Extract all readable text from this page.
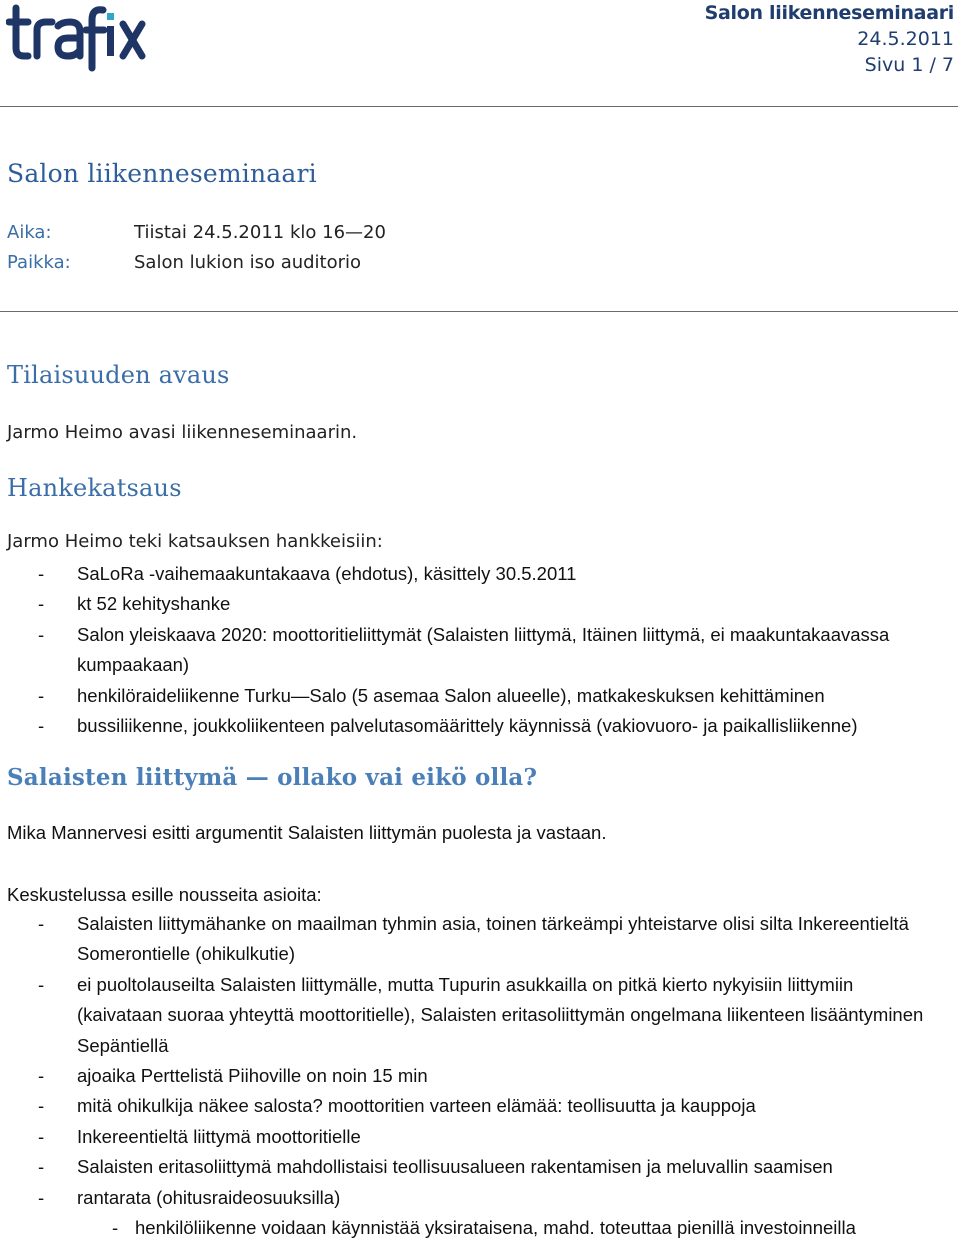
Salon liikenneseminaari
24.5.2011
Sivu 1 / 7
Salon liikenneseminaari
Aika:	Tiistai 24.5.2011 klo 16—20
Paikka:	Salon lukion iso auditorio
Tilaisuuden avaus
Jarmo Heimo avasi liikenneseminaarin.
Hankekatsaus
Jarmo Heimo teki katsauksen hankkeisiin:
- SaLoRa -vaihemaakuntakaava (ehdotus), käsittely 30.5.2011
- kt 52 kehityshanke
- Salon yleiskaava 2020: moottoritieliittymät (Salaisten liittymä, Itäinen liittymä, ei maakuntakaavassa kumpaakaan)
- henkilöraideliikenne Turku—Salo (5 asemaa Salon alueelle), matkakeskuksen kehittäminen
- bussiliikenne, joukkoliikenteen palvelutasomäärittely käynnissä (vakiovuoro- ja paikallisliikenne)
Salaisten liittymä — ollako vai eikö olla?
Mika Mannervesi esitti argumentit Salaisten liittymän puolesta ja vastaan.
Keskustelussa esille nousseita asioita:
- Salaisten liittymähanke on maailman tyhmin asia, toinen tärkeämpi yhteistarve olisi silta Inkereentieltä Somerontielle (ohikulkutie)
- ei puoltolauseilta Salaisten liittymälle, mutta Tupurin asukkailla on pitkä kierto nykyisiin liittymiin (kaivataan suoraa yhteyttä moottoritielle), Salaisten eritasoliittymän ongelmana liikenteen lisääntyminen Sepäntiellä
- ajoaika Perttelistä Piihoville on noin 15 min
- mitä ohikulkija näkee salosta? moottoritien varteen elämää: teollisuutta ja kauppoja
- Inkereentieltä liittymä moottoritielle
- Salaisten eritasoliittymä mahdollistaisi teollisuusalueen rakentamisen ja meluvallin saamisen
- rantarata (ohitusraideosuuksilla)
- henkilöliikenne voidaan käynnistää yksirataisena, mahd. toteuttaa pienillä investoinneilla
